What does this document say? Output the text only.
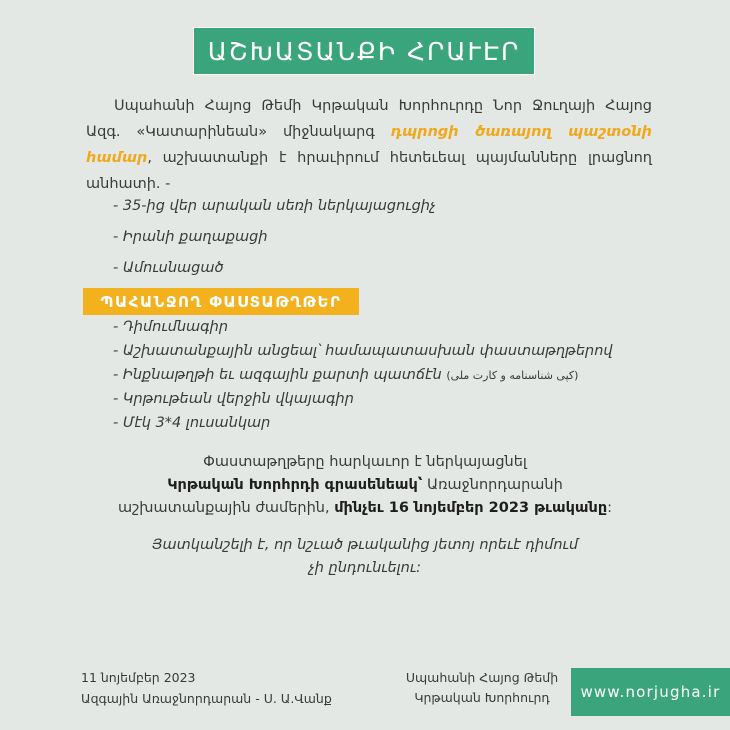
ԱՇԽԱՏԱՆՔԻ ՀՐԱՒԷՐ
Սպահանի Հայոց Թեմի Կրթական Խորհուրդը Նոր Ջուղայի Հայոց Ազգ. «Կատարինեան» միջնակարգ դպրոցի ծառայող պաշտօնի համար, աշխատանքի է հրաւիրում հետեւեալ պայմանները լրացնող անհատի. -
- 35-ից վեր արական սեռի ներկայացուցիչ
- Իրանի քաղաքացի
- Ամուսնացած
ՊԱՀԱՆՋՈՂ ՓԱՍՏԱԹՂԹԵՐ
- Դիմումնագիր
- Աշխատանքային անցեալ՝ համապատասխան փաստաթղթերով
- Ինքնաթղթի եւ ազգային քարտի պատճէն (کپی شناسنامه و کارت ملی)
- Կրթութեան վերջին վկայագիր
- Մէկ 3*4 լուսանկար
Փաստաթղթերը հարկաւոր է ներկայացնել
Կրթական Խորհրդի գրասենեակ՝ Առաջնորդարանի
աշխատանքային ժամերին, մինչեւ 16 նոյեմբեր 2023 թւականը:
Յատկանշելի է, որ նշւած թւականից յետոյ որեւէ դիմում
չի ընդունւելու:
11 նոյեմբեր 2023
Ազգային Առաջնորդարան - Ս. Ա.Վանք
Սպահանի Հայոց Թեմի
Կրթական Խորհուրդ	www.norjugha.ir
